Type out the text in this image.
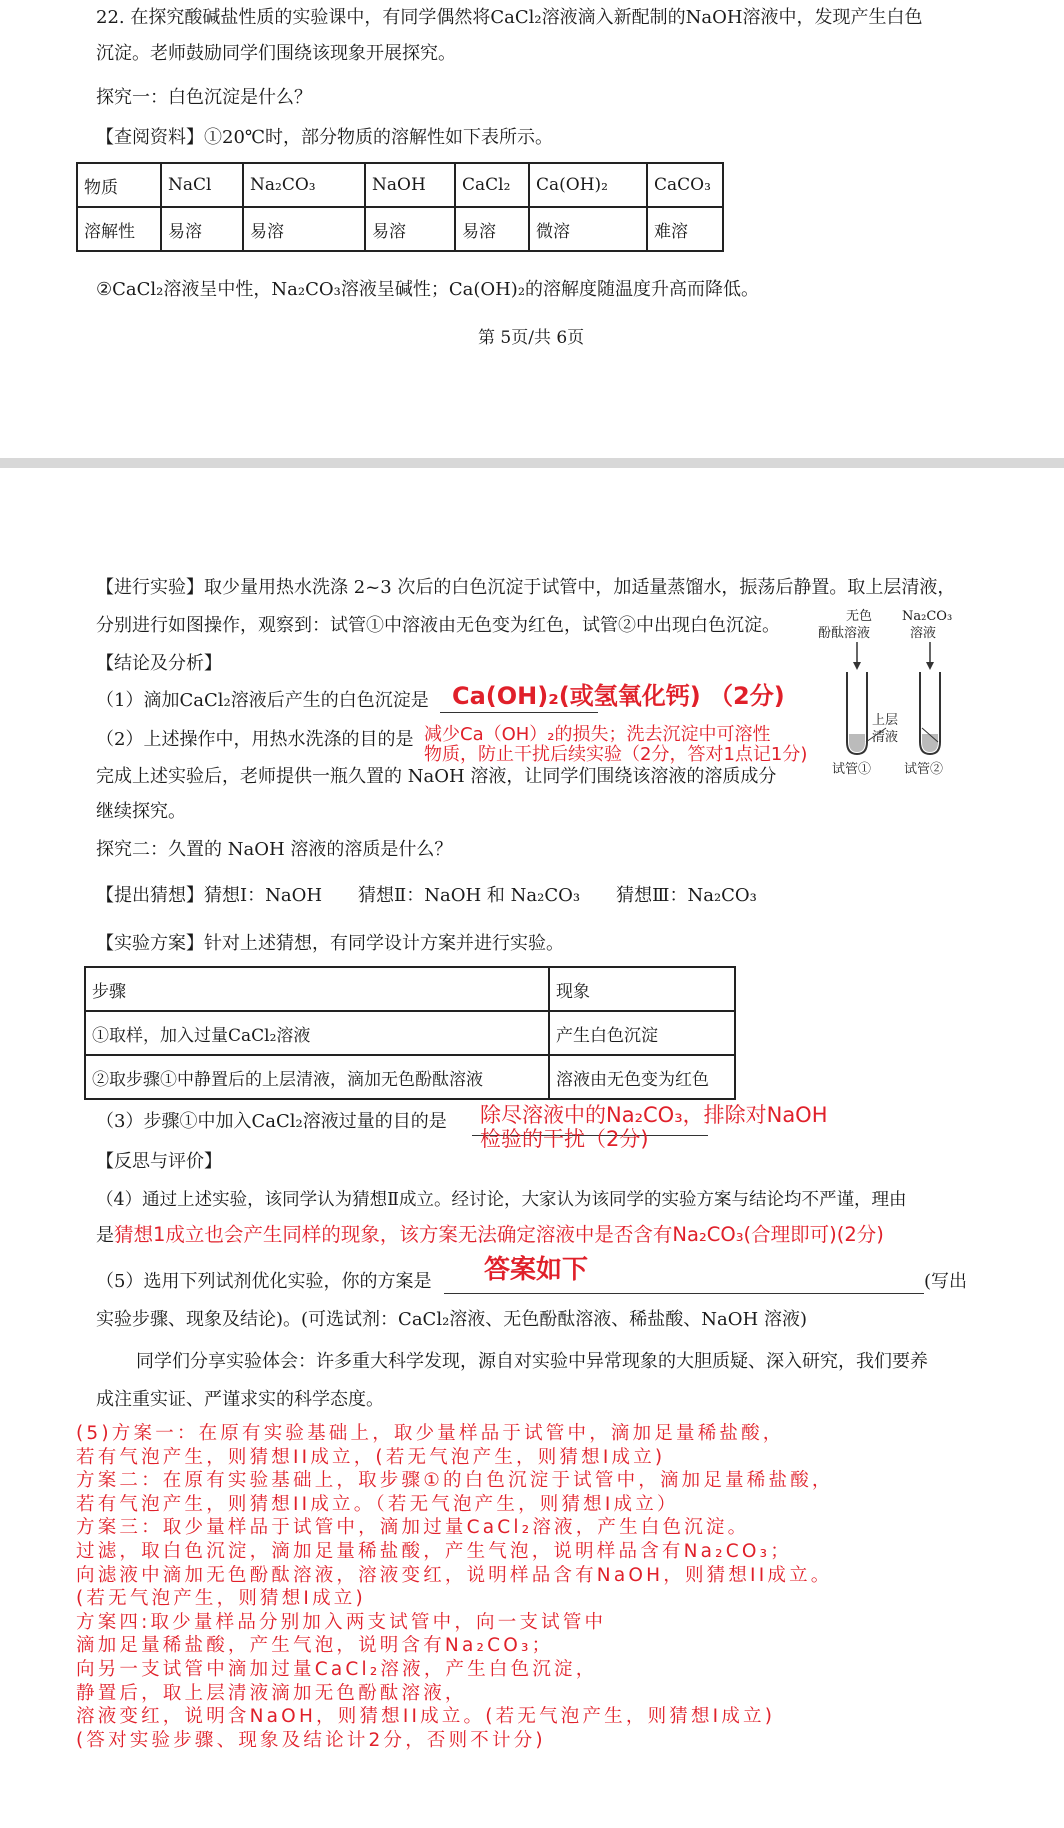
22. 在探究酸碱盐性质的实验课中，有同学偶然将CaCl₂溶液滴入新配制的NaOH溶液中，发现产生白色
沉淀。老师鼓励同学们围绕该现象开展探究。
探究一：白色沉淀是什么？
【查阅资料】①20℃时，部分物质的溶解性如下表所示。
物质	NaCl	Na₂CO₃	NaOH	CaCl₂	Ca(OH)₂	CaCO₃
溶解性	易溶	易溶	易溶	易溶	微溶	难溶
②CaCl₂溶液呈中性，Na₂CO₃溶液呈碱性；Ca(OH)₂的溶解度随温度升高而降低。
第 5页/共 6页
【进行实验】取少量用热水洗涤 2~3 次后的白色沉淀于试管中，加适量蒸馏水，振荡后静置。取上层清液，
分别进行如图操作，观察到：试管①中溶液由无色变为红色，试管②中出现白色沉淀。	无色
酚酞溶液
Na₂CO₃
溶液
上层
清液
试管①	试管②
【结论及分析】
（1）滴加CaCl₂溶液后产生的白色沉淀是 Ca(OH)₂(或氢氧化钙) （2分)
（2）上述操作中，用热水洗涤的目的是 减少Ca（OH）₂的损失；洗去沉淀中可溶性
物质，防止干扰后续实验（2分，答对1点记1分)
完成上述实验后，老师提供一瓶久置的 NaOH 溶液，让同学们围绕该溶液的溶质成分
继续探究。
探究二：久置的 NaOH 溶液的溶质是什么？
【提出猜想】猜想Ⅰ：NaOH　　猜想Ⅱ：NaOH 和 Na₂CO₃　　猜想Ⅲ：Na₂CO₃
【实验方案】针对上述猜想，有同学设计方案并进行实验。
步骤	现象
①取样，加入过量CaCl₂溶液	产生白色沉淀
②取步骤①中静置后的上层清液，滴加无色酚酞溶液	溶液由无色变为红色
（3）步骤①中加入CaCl₂溶液过量的目的是 除尽溶液中的Na₂CO₃，排除对NaOH
检验的干扰（2分)
【反思与评价】
（4）通过上述实验，该同学认为猜想Ⅱ成立。经讨论，大家认为该同学的实验方案与结论均不严谨，理由
是 猜想1成立也会产生同样的现象，该方案无法确定溶液中是否含有Na₂CO₃(合理即可)(2分)
（5）选用下列试剂优化实验，你的方案是 答案如下	(写出
实验步骤、现象及结论)。(可选试剂：CaCl₂溶液、无色酚酞溶液、稀盐酸、NaOH 溶液)
同学们分享实验体会：许多重大科学发现，源自对实验中异常现象的大胆质疑、深入研究，我们要养
成注重实证、严谨求实的科学态度。
(5)方案一：在原有实验基础上，取少量样品于试管中，滴加足量稀盐酸，
若有气泡产生，则猜想II成立，(若无气泡产生，则猜想I成立)
方案二：在原有实验基础上，取步骤①的白色沉淀于试管中，滴加足量稀盐酸，
若有气泡产生，则猜想II成立。（若无气泡产生，则猜想I成立）
方案三：取少量样品于试管中，滴加过量CaCl₂溶液，产生白色沉淀。
过滤，取白色沉淀，滴加足量稀盐酸，产生气泡，说明样品含有Na₂CO₃；
向滤液中滴加无色酚酞溶液，溶液变红，说明样品含有NaOH，则猜想II成立。
(若无气泡产生，则猜想I成立)
方案四:取少量样品分别加入两支试管中，向一支试管中
滴加足量稀盐酸，产生气泡，说明含有Na₂CO₃；
向另一支试管中滴加过量CaCl₂溶液，产生白色沉淀，
静置后，取上层清液滴加无色酚酞溶液，
溶液变红，说明含NaOH，则猜想II成立。(若无气泡产生，则猜想I成立)
(答对实验步骤、现象及结论计2分，否则不计分)
